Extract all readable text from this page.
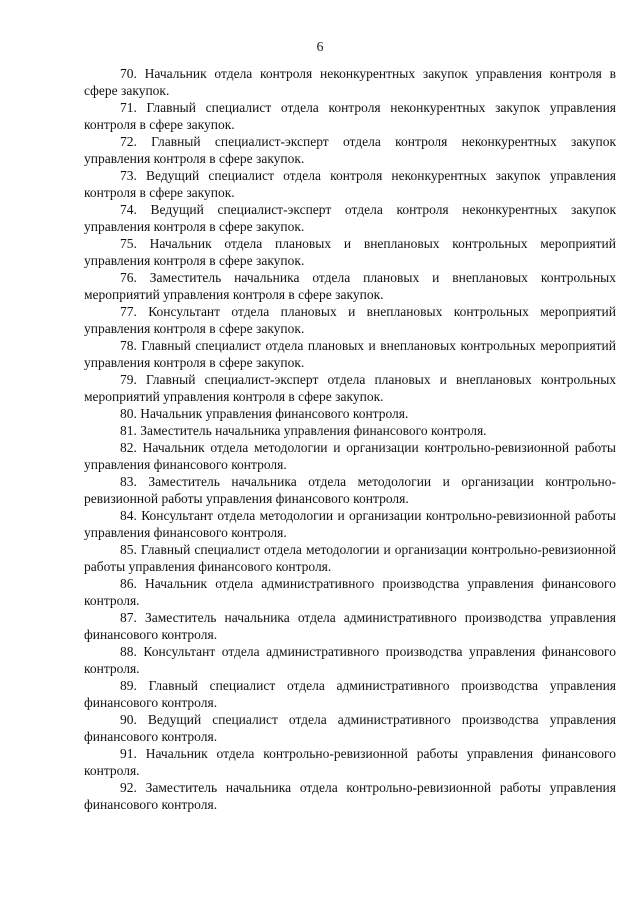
6
70. Начальник отдела контроля неконкурентных закупок управления контроля в сфере закупок.
71. Главный специалист отдела контроля неконкурентных закупок управления контроля в сфере закупок.
72. Главный специалист-эксперт отдела контроля неконкурентных закупок управления контроля в сфере закупок.
73. Ведущий специалист отдела контроля неконкурентных закупок управления контроля в сфере закупок.
74. Ведущий специалист-эксперт отдела контроля неконкурентных закупок управления контроля в сфере закупок.
75. Начальник отдела плановых и внеплановых контрольных мероприятий управления контроля в сфере закупок.
76. Заместитель начальника отдела плановых и внеплановых контрольных мероприятий управления контроля в сфере закупок.
77. Консультант отдела плановых и внеплановых контрольных мероприятий управления контроля в сфере закупок.
78. Главный специалист отдела плановых и внеплановых контрольных мероприятий управления контроля в сфере закупок.
79. Главный специалист-эксперт отдела плановых и внеплановых контрольных мероприятий управления контроля в сфере закупок.
80. Начальник управления финансового контроля.
81. Заместитель начальника управления финансового контроля.
82. Начальник отдела методологии и организации контрольно-ревизионной работы управления финансового контроля.
83. Заместитель начальника отдела методологии и организации контрольно-ревизионной работы управления финансового контроля.
84. Консультант отдела методологии и организации контрольно-ревизионной работы управления финансового контроля.
85. Главный специалист отдела методологии и организации контрольно-ревизионной работы управления финансового контроля.
86. Начальник отдела административного производства управления финансового контроля.
87. Заместитель начальника отдела административного производства управления финансового контроля.
88. Консультант отдела административного производства управления финансового контроля.
89. Главный специалист отдела административного производства управления финансового контроля.
90. Ведущий специалист отдела административного производства управления финансового контроля.
91. Начальник отдела контрольно-ревизионной работы управления финансового контроля.
92. Заместитель начальника отдела контрольно-ревизионной работы управления финансового контроля.
